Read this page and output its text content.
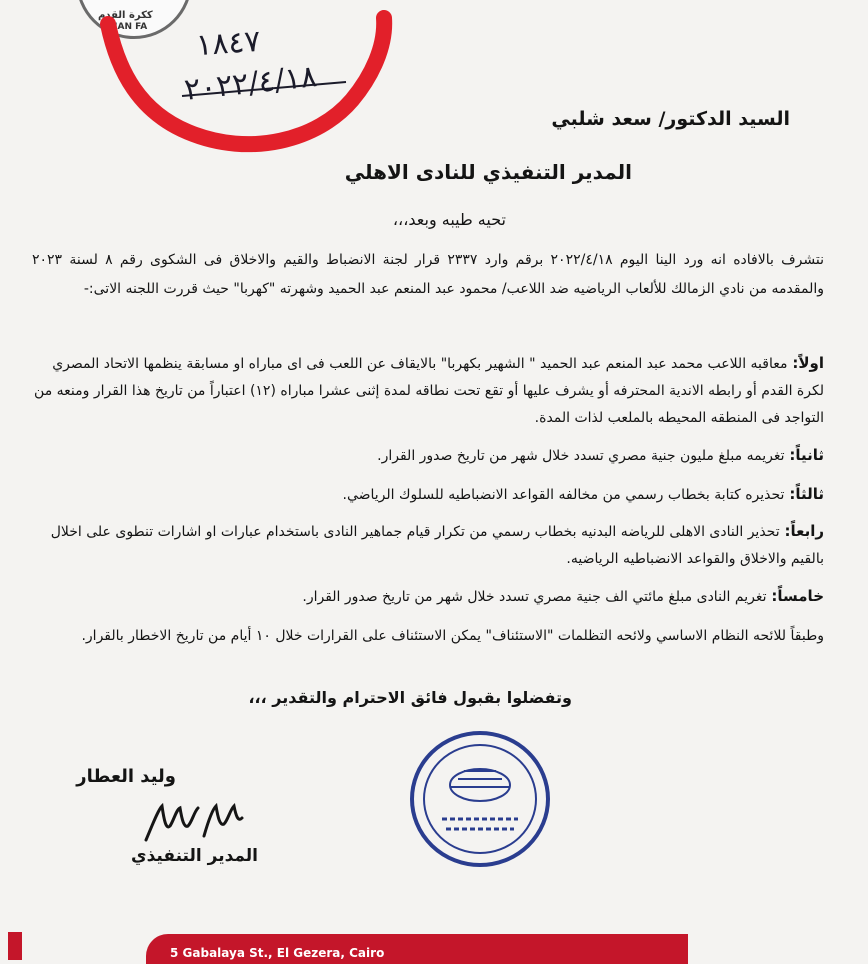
ككرة القدم
TIAN FA ١٨٤٧
٢٠٢٢/٤/١٨
السيد الدكتور/ سعد شلبي
المدير التنفيذي للنادى الاهلي
تحيه طيبه وبعد،،،
نتشرف بالافاده انه ورد الينا اليوم ٢٠٢٢/٤/١٨ برقم وارد ٢٣٣٧ قرار لجنة الانضباط والقيم والاخلاق فى الشكوى رقم ٨ لسنة ٢٠٢٣ والمقدمه من نادي الزمالك للألعاب الرياضيه ضد اللاعب/ محمود عبد المنعم عبد الحميد وشهرته "كهربا" حيث قررت اللجنه الاتى:-
اولاً: معاقبه اللاعب محمد عبد المنعم عبد الحميد " الشهير بكهربا" بالايقاف عن اللعب فى اى مباراه او مسابقة ينظمها الاتحاد المصري لكرة القدم أو رابطه الاندية المحترفه أو يشرف عليها أو تقع تحت نطاقه لمدة إثنى عشرا مباراه (١٢) اعتباراً من تاريخ هذا القرار ومنعه من التواجد فى المنطقه المحيطه بالملعب لذات المدة.
ثانياً: تغريمه مبلغ مليون جنية مصري تسدد خلال شهر من تاريخ صدور القرار.
ثالثاً: تحذيره كتابة بخطاب رسمي من مخالفه القواعد الانضباطيه للسلوك الرياضي.
رابعاً: تحذير النادى الاهلى للرياضه البدنيه بخطاب رسمي من تكرار قيام جماهير النادى باستخدام عبارات او اشارات تنطوى على اخلال بالقيم والاخلاق والقواعد الانضباطيه الرياضيه.
خامساً: تغريم النادى مبلغ مائتي الف جنية مصري تسدد خلال شهر من تاريخ صدور القرار.
وطبقاً للائحه النظام الاساسي ولائحه التظلمات "الاستئناف" يمكن الاستئناف على القرارات خلال ١٠ أيام من تاريخ الاخطار بالقرار.
وتفضلوا بقبول فائق الاحترام والتقدير ،،،
وليد العطار
المدير التنفيذي
5 Gabalaya St., El Gezera, Cairo
